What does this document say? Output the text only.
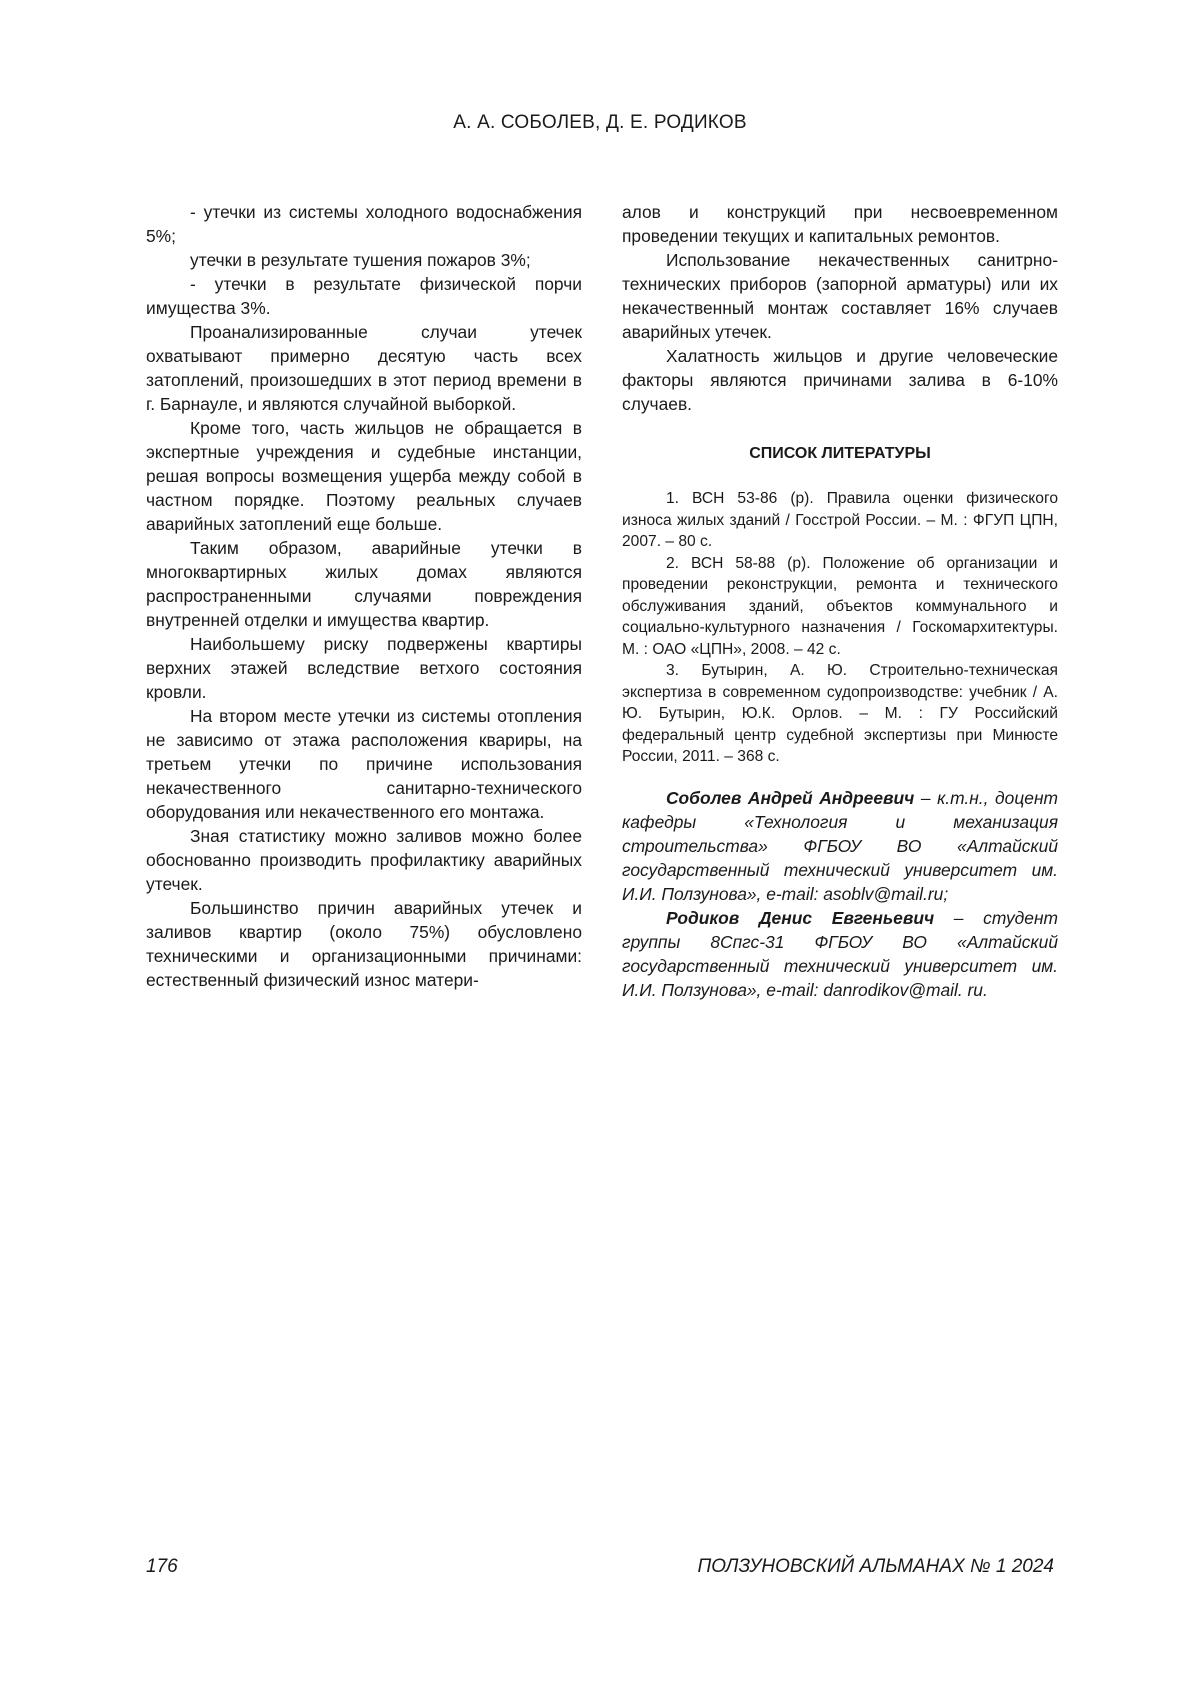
А. А. СОБОЛЕВ, Д. Е. РОДИКОВ

- утечки из системы холодного водоснабжения 5%;

утечки в результате тушения пожаров 3%;

- утечки в результате физической порчи имущества 3%.

Проанализированные случаи утечек охватывают примерно десятую часть всех затоплений, произошедших в этот период времени в г. Барнауле, и являются случайной выборкой.

Кроме того, часть жильцов не обращается в экспертные учреждения и судебные инстанции, решая вопросы возмещения ущерба между собой в частном порядке. Поэтому реальных случаев аварийных затоплений еще больше.

Таким образом, аварийные утечки в многоквартирных жилых домах являются распространенными случаями повреждения внутренней отделки и имущества квартир.

Наибольшему риску подвержены квартиры верхних этажей вследствие ветхого состояния кровли.

На втором месте утечки из системы отопления не зависимо от этажа расположения квариры, на третьем утечки по причине использования некачественного санитарно-технического оборудования или некачественного его монтажа.

Зная статистику можно заливов можно более обоснованно производить профилактику аварийных утечек.

Большинство причин аварийных утечек и заливов квартир (около 75%) обусловлено техническими и организационными причинами: естественный физический износ матери-

алов и конструкций при несвоевременном проведении текущих и капитальных ремонтов.

Использование некачественных санитрно-технических приборов (запорной арматуры) или их некачественный монтаж составляет 16% случаев аварийных утечек.

Халатность жильцов и другие человеческие факторы являются причинами залива в 6-10% случаев.

СПИСОК ЛИТЕРАТУРЫ

1. ВСН 53-86 (р). Правила оценки физического износа жилых зданий / Госстрой России. – М. : ФГУП ЦПН, 2007. – 80 с.

2. ВСН 58-88 (р). Положение об организации и проведении реконструкции, ремонта и технического обслуживания зданий, объектов коммунального и социально-культурного назначения / Госкомархитектуры. М. : ОАО «ЦПН», 2008. – 42 с.

3. Бутырин, А. Ю. Строительно-техническая экспертиза в современном судопроизводстве: учебник / А. Ю. Бутырин, Ю.К. Орлов. – М. : ГУ Российский федеральный центр судебной экспертизы при Минюсте России, 2011. – 368 с.

Соболев Андрей Андреевич – к.т.н., доцент кафедры «Технология и механизация строительства» ФГБОУ ВО «Алтайский государственный технический университет им. И.И. Ползунова», e-mail: asoblv@mail.ru;

Родиков Денис Евгеньевич – студент группы 8Спгс-31 ФГБОУ ВО «Алтайский государственный технический университет им. И.И. Ползунова», e-mail: danrodikov@mail. ru.

176	ПОЛЗУНОВСКИЙ АЛЬМАНАХ № 1 2024
